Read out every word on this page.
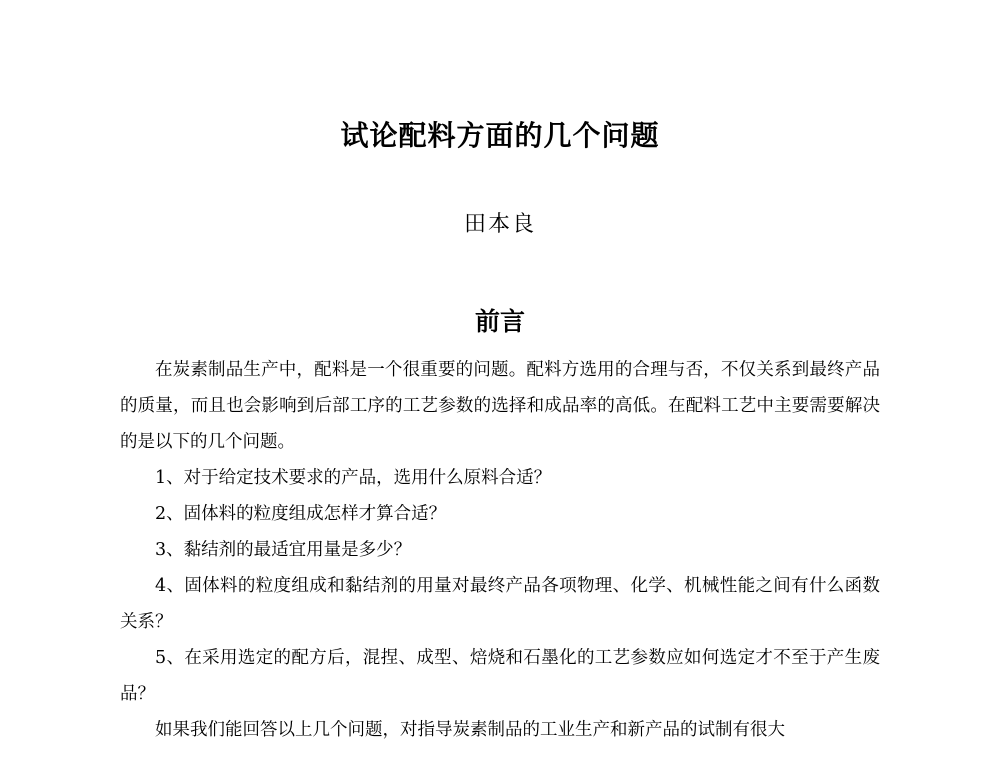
试论配料方面的几个问题
田本良
前言

在炭素制品生产中，配料是一个很重要的问题。配料方选用的合理与否，不仅关系到最终产品的质量，而且也会影响到后部工序的工艺参数的选择和成品率的高低。在配料工艺中主要需要解决的是以下的几个问题。

1、对于给定技术要求的产品，选用什么原料合适？

2、固体料的粒度组成怎样才算合适？

3、黏结剂的最适宜用量是多少？

4、固体料的粒度组成和黏结剂的用量对最终产品各项物理、化学、机械性能之间有什么函数关系？

5、在采用选定的配方后，混捏、成型、焙烧和石墨化的工艺参数应如何选定才不至于产生废品？

如果我们能回答以上几个问题，对指导炭素制品的工业生产和新产品的试制有很大
